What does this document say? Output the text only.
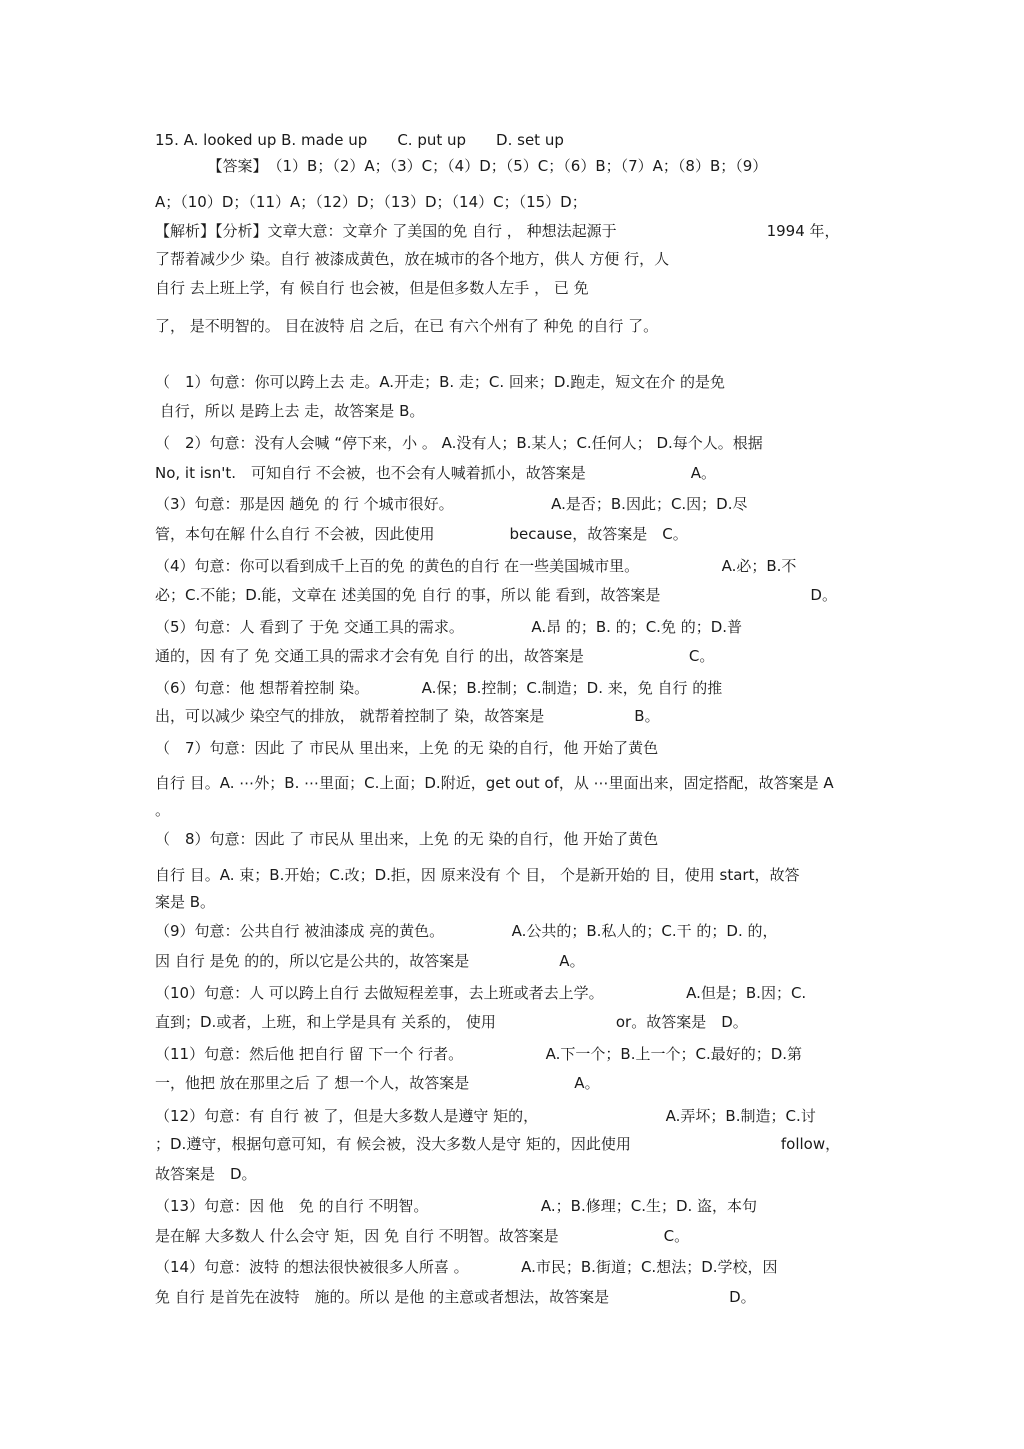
15. A. looked up B. made up　　C. put up　　D. set up
　　　　【答案】　（1）B；（2）A；（3）C；（4）D；（5）C；（6）B；（7）A；（8）B；（9）
A；（10）D；（11）A；（12）D；（13）D；（14）C；（15）D；
【解析】【分析】文章大意：文章介 了美国的免 自行 ， 种想法起源于　　　　　　　　　　1994 年，
了帮着减少少 染。自行 被漆成黄色，放在城市的各个地方，供人 方便 行，人
自行 去上班上学，有 候自行 也会被，但是但多数人左手 ， 已 免
了， 是不明智的。 目在波特 启 之后，在已 有六个州有了 种免 的自行 了。
（　1）句意：你可以跨上去 走。A.开走；B. 走；C. 回来；D.跑走，短文在介 的是免
自行，所以 是跨上去 走，故答案是 B。
（　2）句意：没有人会喊 “停下来，小 。 A.没有人；B.某人；C.任何人； D.每个人。根据
No, it isn't.　可知自行 不会被，也不会有人喊着抓小，故答案是　　　　　　　A。
（3）句意：那是因 趟免 的 行 个城市很好。　　　　　　　A.是否；B.因此；C.因；D.尽
管，本句在解 什么自行 不会被，因此使用　　　　　because，故答案是　C。
（4）句意：你可以看到成千上百的免 的黄色的自行 在一些美国城市里。　　　　　　A.必；B.不
必；C.不能；D.能，文章在 述美国的免 自行 的事，所以 能 看到，故答案是　　　　　　　　　　D。
（5）句意：人 看到了 于免 交通工具的需求。　　　　　A.昂 的；B. 的；C.免 的；D.普
通的，因 有了 免 交通工具的需求才会有免 自行 的出，故答案是　　　　　　　C。
（6）句意：他 想帮着控制 染。　　　　A.保；B.控制；C.制造；D. 来，免 自行 的推
出，可以减少 染空气的排放， 就帮着控制了 染，故答案是　　　　　　B。
（　7）句意：因此 了 市民从 里出来，上免 的无 染的自行，他 开始了黄色
自行 目。A. ⋯外；B. ⋯里面；C.上面；D.附近，get out of，从 ⋯里面出来，固定搭配，故答案是 A
。
（　8）句意：因此 了 市民从 里出来，上免 的无 染的自行，他 开始了黄色
自行 目。A. 束；B.开始；C.改；D.拒，因 原来没有 个 目， 个是新开始的 目，使用 start，故答
案是 B。
（9）句意：公共自行 被油漆成 亮的黄色。　　　　　A.公共的；B.私人的；C.干 的；D. 的，
因 自行 是免 的的，所以它是公共的，故答案是　　　　　　A。
（10）句意：人 可以跨上自行 去做短程差事，去上班或者去上学。　　　　　　A.但是；B.因；C.
直到；D.或者，上班，和上学是具有 关系的， 使用　　　　　　　　or。故答案是　D。
（11）句意：然后他 把自行 留 下一个 行者。　　　　　　A.下一个；B.上一个；C.最好的；D.第
一，他把 放在那里之后 了 想一个人，故答案是　　　　　　　A。
（12）句意：有 自行 被 了，但是大多数人是遵守 矩的，　　　　　　　　　A.弄坏；B.制造；C.讨
；D.遵守，根据句意可知，有 候会被，没大多数人是守 矩的，因此使用　　　　　　　　　　follow，
故答案是　D。
（13）句意：因 他　免 的自行 不明智。　　　　　　　　A.；B.修理；C.生；D. 盗，本句
是在解 大多数人 什么会守 矩，因 免 自行 不明智。故答案是　　　　　　　C。
（14）句意：波特 的想法很快被很多人所喜 。　　　　A.市民；B.街道；C.想法；D.学校，因
免 自行 是首先在波特　施的。所以 是他 的主意或者想法，故答案是　　　　　　　　D。
